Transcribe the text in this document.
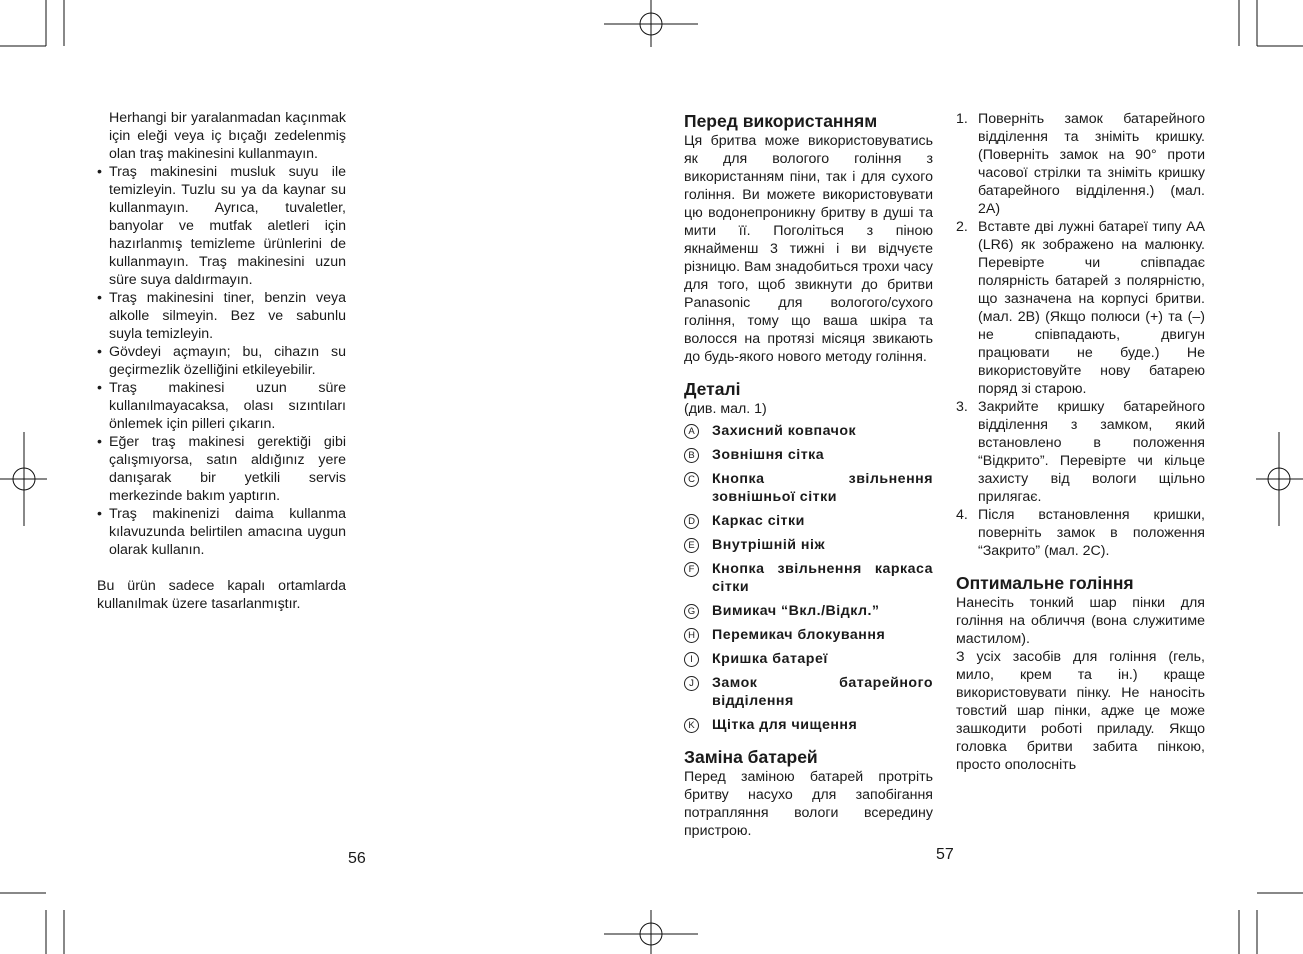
Herhangi bir yaralanmadan kaçınmak için eleği veya iç bıçağı zedelenmiş olan traş makinesini kullanmayın.

• Traş makinesini musluk suyu ile temizleyin. Tuzlu su ya da kaynar su kullanmayın. Ayrıca, tuvaletler, banyolar ve mutfak aletleri için hazırlanmış temizleme ürünlerini de kullanmayın. Traş makinesini uzun süre suya daldırmayın.

• Traş makinesini tiner, benzin veya alkolle silmeyin. Bez ve sabunlu suyla temizleyin.

• Gövdeyi açmayın; bu, cihazın su geçirmezlik özelliğini etkileyebilir.

• Traş makinesi uzun süre kullanılmayacaksa, olası sızıntıları önlemek için pilleri çıkarın.

• Eğer traş makinesi gerektiği gibi çalışmıyorsa, satın aldığınız yere danışarak bir yetkili servis merkezinde bakım yaptırın.

• Traş makinenizi daima kullanma kılavuzunda belirtilen amacına uygun olarak kullanın.

Bu ürün sadece kapalı ortamlarda kullanılmak üzere tasarlanmıştır.

56
Перед використанням

Ця бритва може використовуватись як для вологого гоління з використанням піни, так і для сухого гоління. Ви можете використовувати цю водонепроникну бритву в душі та мити її. Поголіться з піною якнайменш 3 тижні і ви відчуєте різницю. Вам знадобиться трохи часу для того, щоб звикнути до бритви Panasonic для вологого/сухого гоління, тому що ваша шкіра та волосся на протязі місяця звикають до будь-якого нового методу гоління.

Деталі

(див. мал. 1)

A	Захисний ковпачок
B	Зовнішня сітка
C Кнопка звільнення зовнішньої сітки
D Каркас сітки
E	Внутрішній ніж
F	Кнопка звільнення каркаса сітки
G Вимикач “Вкл./Відкл.”
H Перемикач блокування
I	Кришка батареї
J	Замок батарейного відділення
K	Щітка для чищення
Заміна батарей

Перед заміною батарей протріть бритву насухо для запобігання потрапляння вологи всередину пристрою.

1. Поверніть замок батарейного відділення та зніміть кришку. (Поверніть замок на 90° проти часової стрілки та зніміть кришку батарейного відділення.) (мал. 2A)
2. Вставте дві лужні батареї типу AA (LR6) як зображено на малюнку. Перевірте чи співпадає полярність батарей з полярністю, що зазначена на корпусі бритви. (мал. 2B) (Якщо полюси (+) та (–) не співпадають, двигун працювати не буде.) Не використовуйте нову батарею поряд зі старою.
3. Закрийте кришку батарейного відділення з замком, який встановлено в положення “Відкрито”. Перевірте чи кільце захисту від вологи щільно прилягає.
4. Після встановлення кришки, поверніть замок в положення “Закрито” (мал. 2C).
Оптимальне гоління

Нанесіть тонкий шар пінки для гоління на обличчя (вона служитиме мастилом).

З усіх засобів для гоління (гель, мило, крем та ін.) краще використовувати пінку. Не наносіть товстий шар пінки, адже це може зашкодити роботі приладу. Якщо головка бритви забита пінкою, просто ополосніть

57
